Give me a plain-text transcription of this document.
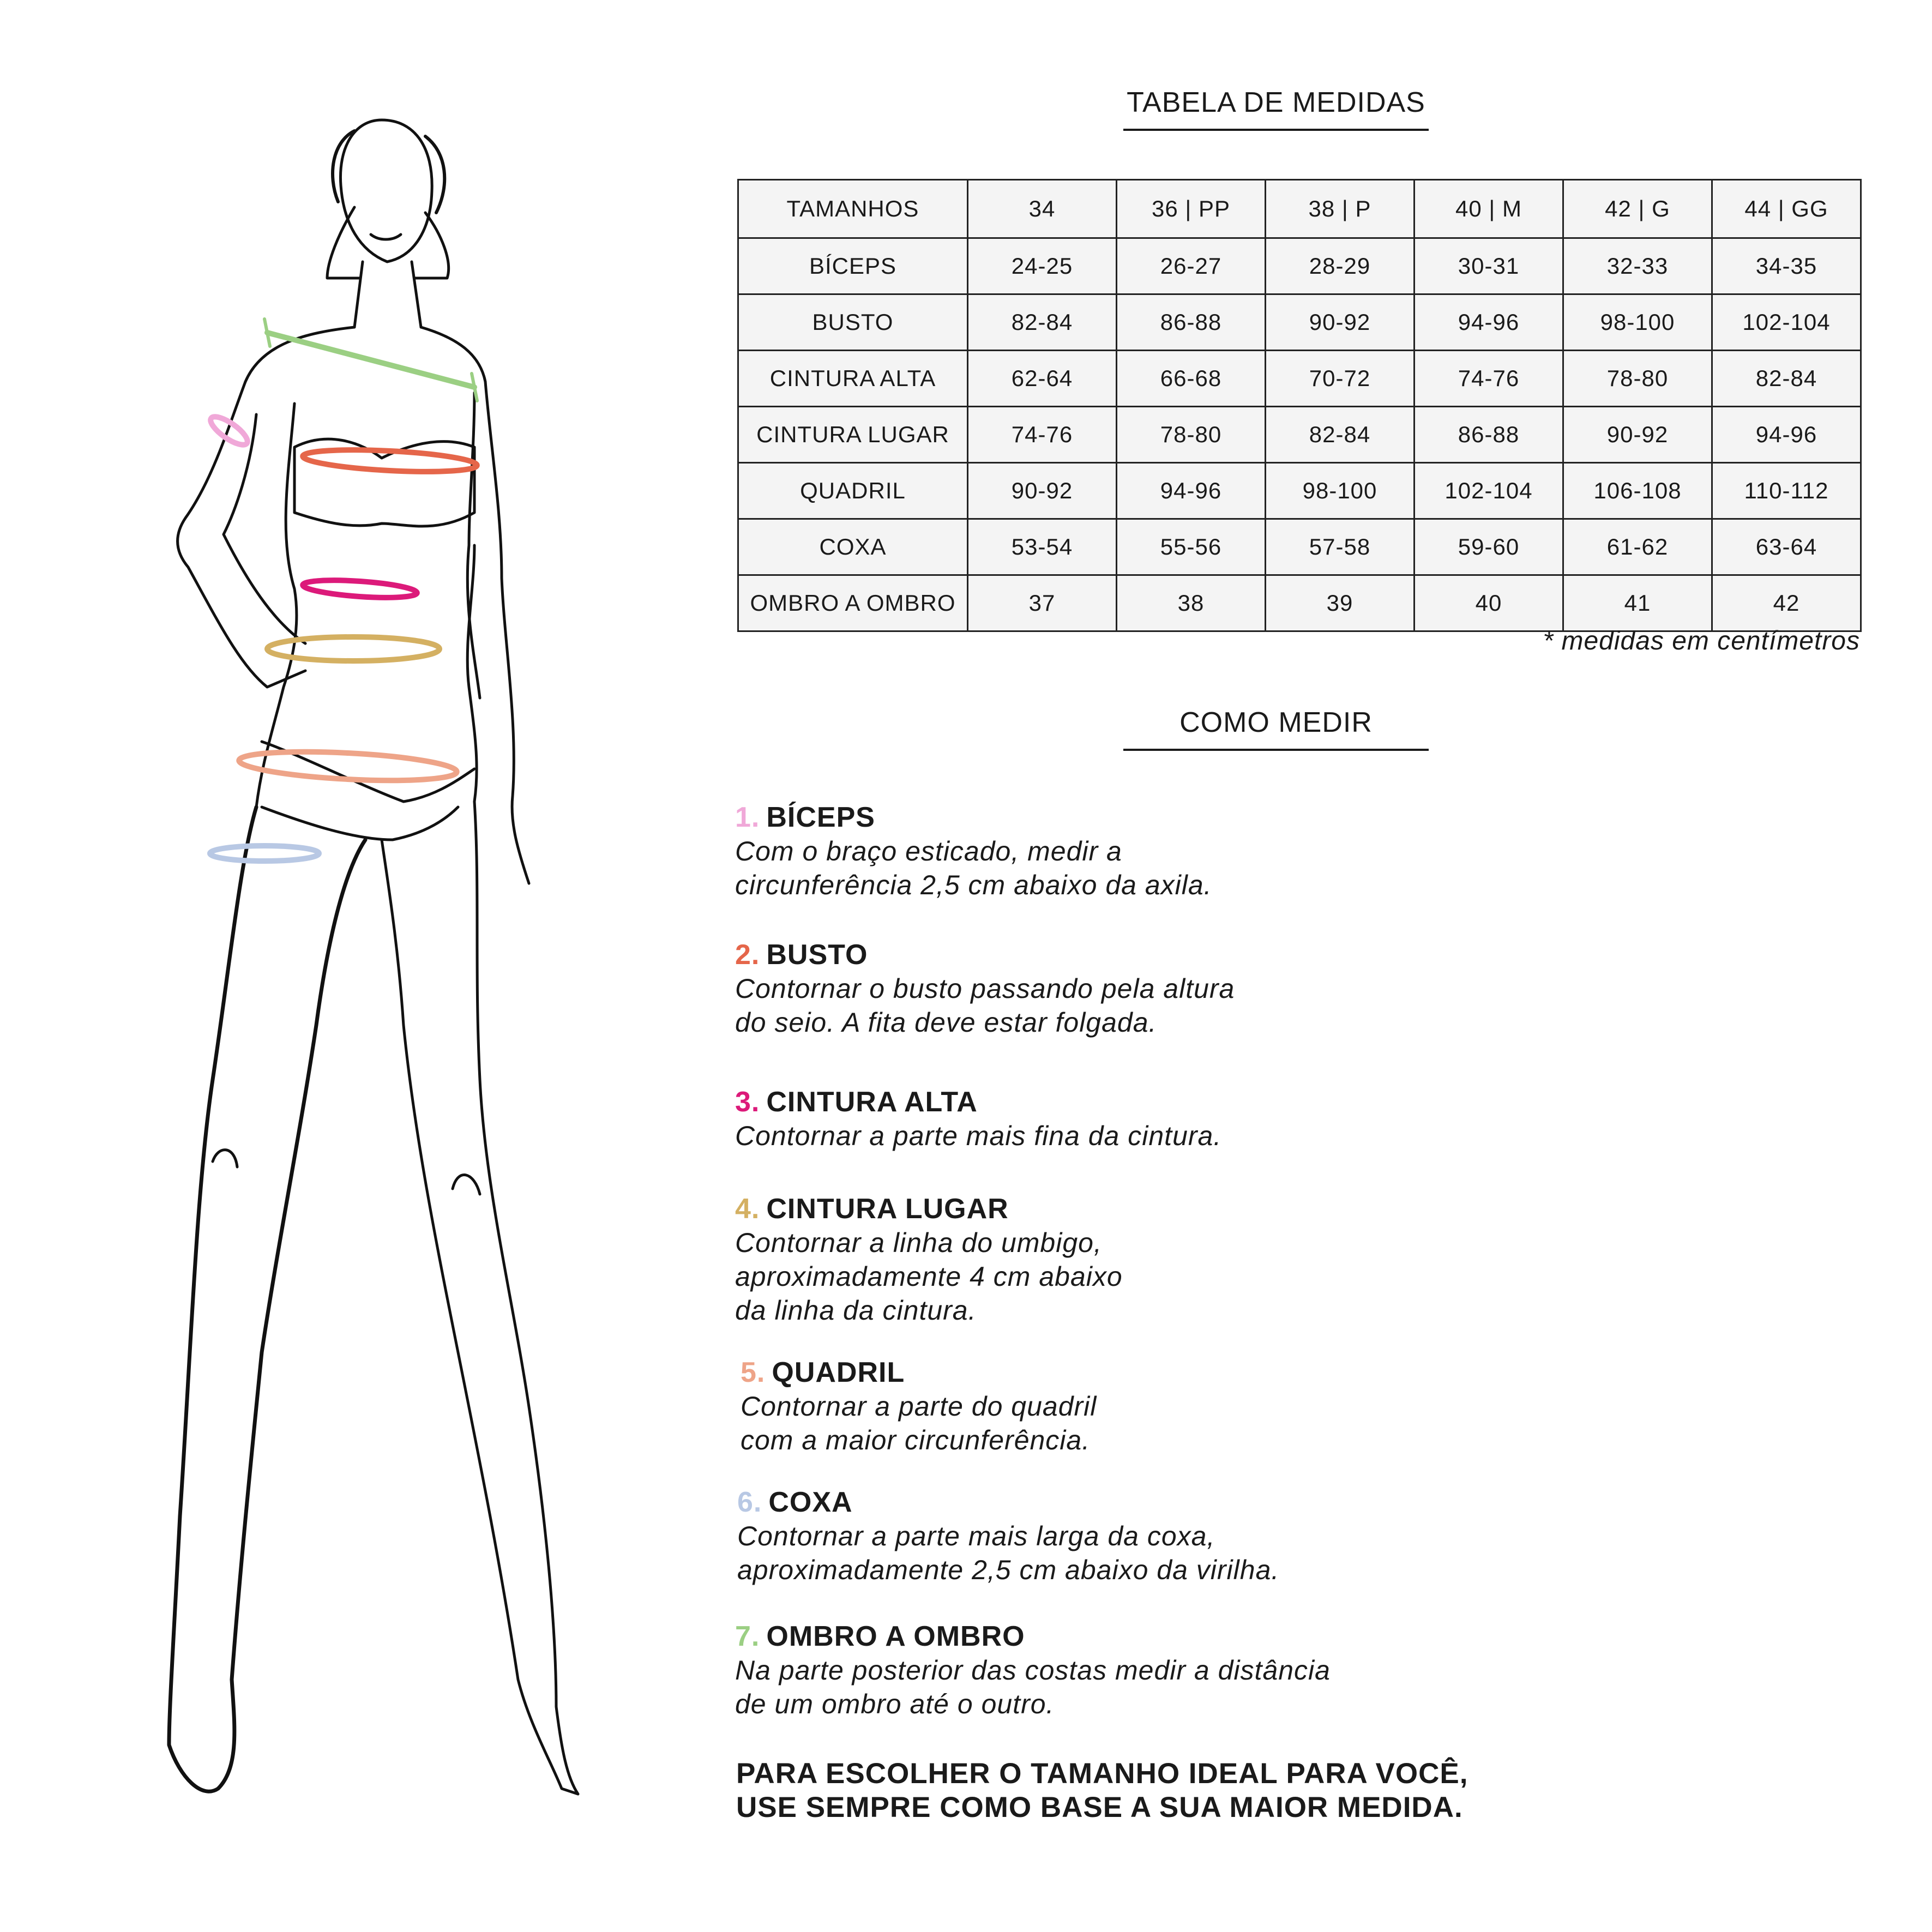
TABELA DE MEDIDAS
TAMANHOS	34	36 | PP	38 | P	40 | M	42 | G	44 | GG
BÍCEPS	24-25	26-27	28-29	30-31	32-33	34-35
BUSTO	82-84	86-88	90-92	94-96	98-100	102-104
CINTURA ALTA	62-64	66-68	70-72	74-76	78-80	82-84
CINTURA LUGAR	74-76	78-80	82-84	86-88	90-92	94-96
QUADRIL	90-92	94-96	98-100	102-104	106-108	110-112
COXA	53-54	55-56	57-58	59-60	61-62	63-64
OMBRO A OMBRO	37	38	39	40	41	42
* medidas em centímetros
COMO MEDIR
1. BÍCEPS
Com o braço esticado, medir a
circunferência 2,5 cm abaixo da axila.
2. BUSTO
Contornar o busto passando pela altura
do seio. A fita deve estar folgada.
3. CINTURA ALTA
Contornar a parte mais fina da cintura.
4. CINTURA LUGAR
Contornar a linha do umbigo,
aproximadamente 4 cm abaixo
da linha da cintura.
5. QUADRIL
Contornar a parte do quadril
com a maior circunferência.
6. COXA
Contornar a parte mais larga da coxa,
aproximadamente 2,5 cm abaixo da virilha.
7. OMBRO A OMBRO
Na parte posterior das costas medir a distância
de um ombro até o outro.
PARA ESCOLHER O TAMANHO IDEAL PARA VOCÊ,
USE SEMPRE COMO BASE A SUA MAIOR MEDIDA.
